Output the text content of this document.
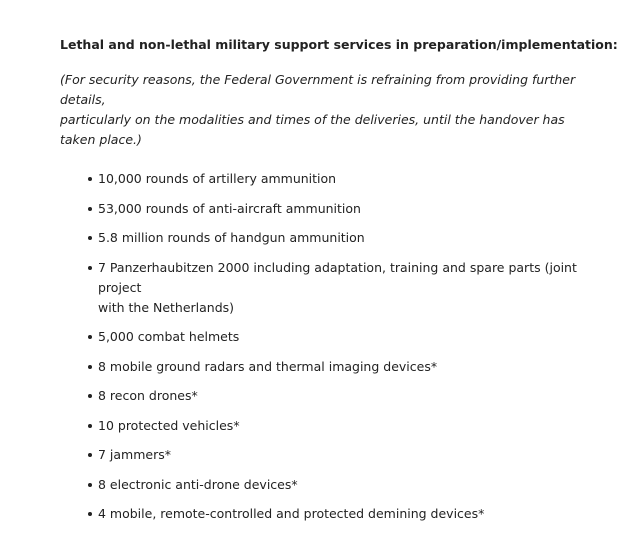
Lethal and non-lethal military support services in preparation/implementation:

(For security reasons, the Federal Government is refraining from providing further details,
particularly on the modalities and times of the deliveries, until the handover has taken place.)

10,000 rounds of artillery ammunition
53,000 rounds of anti-aircraft ammunition
5.8 million rounds of handgun ammunition
7 Panzerhaubitzen 2000 including adaptation, training and spare parts (joint project
with the Netherlands)
5,000 combat helmets
8 mobile ground radars and thermal imaging devices*
8 recon drones*
10 protected vehicles*
7 jammers*
8 electronic anti-drone devices*
4 mobile, remote-controlled and protected demining devices*
